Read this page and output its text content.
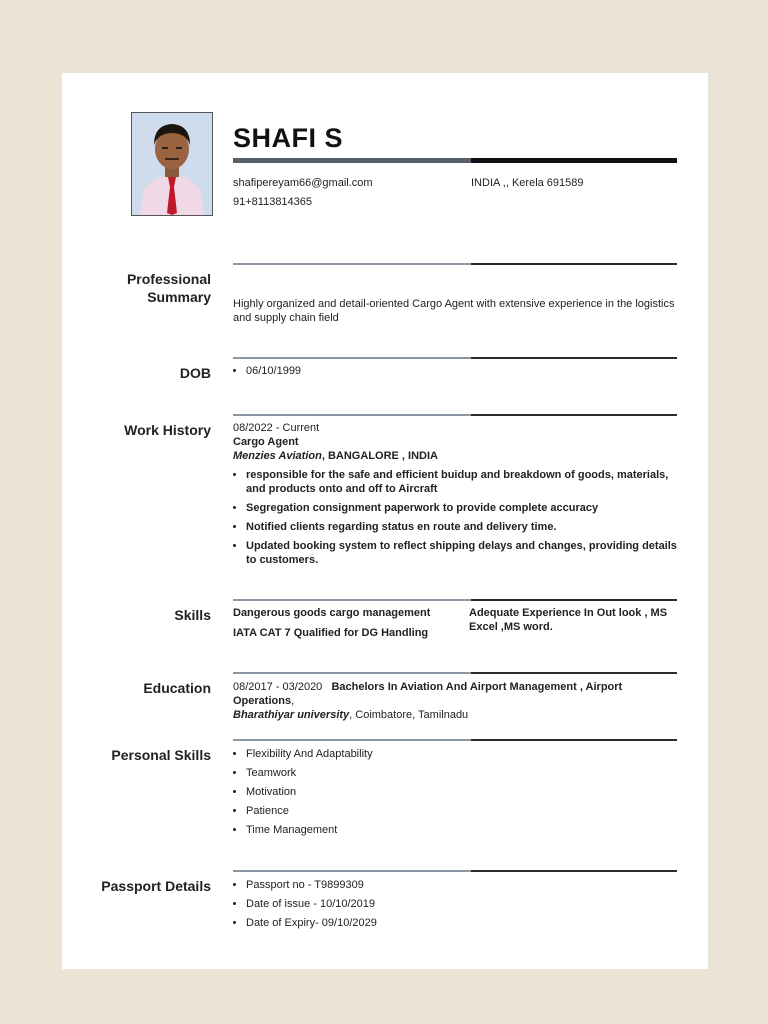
SHAFI S
shafipereyam66@gmail.com	INDIA ,, Kerela 691589
91+8113814365
Professional
Summary Highly organized and detail-oriented Cargo Agent with extensive experience in the logistics and supply chain field
DOB	• 06/10/1999
Work History 08/2022 - Current
Cargo Agent
Menzies Aviation, BANGALORE , INDIA
• responsible for the safe and efficient buidup and breakdown of goods, materials, and products onto and off to Aircraft
• Segregation consignment paperwork to provide complete accuracy
• Notified clients regarding status en route and delivery time.
• Updated booking system to reflect shipping delays and changes, providing details to customers.
Skills Dangerous goods cargo management
IATA CAT 7 Qualified for DG Handling
Adequate Experience In Out look , MS Excel ,MS word.
Education 08/2017 - 03/2020 Bachelors In Aviation And Airport Management , Airport Operations,
Bharathiyar university, Coimbatore, Tamilnadu
Personal Skills	• Flexibility And Adaptability
• Teamwork
• Motivation
• Patience
• Time Management
Passport Details	• Passport no - T9899309
• Date of issue - 10/10/2019
• Date of Expiry- 09/10/2029
